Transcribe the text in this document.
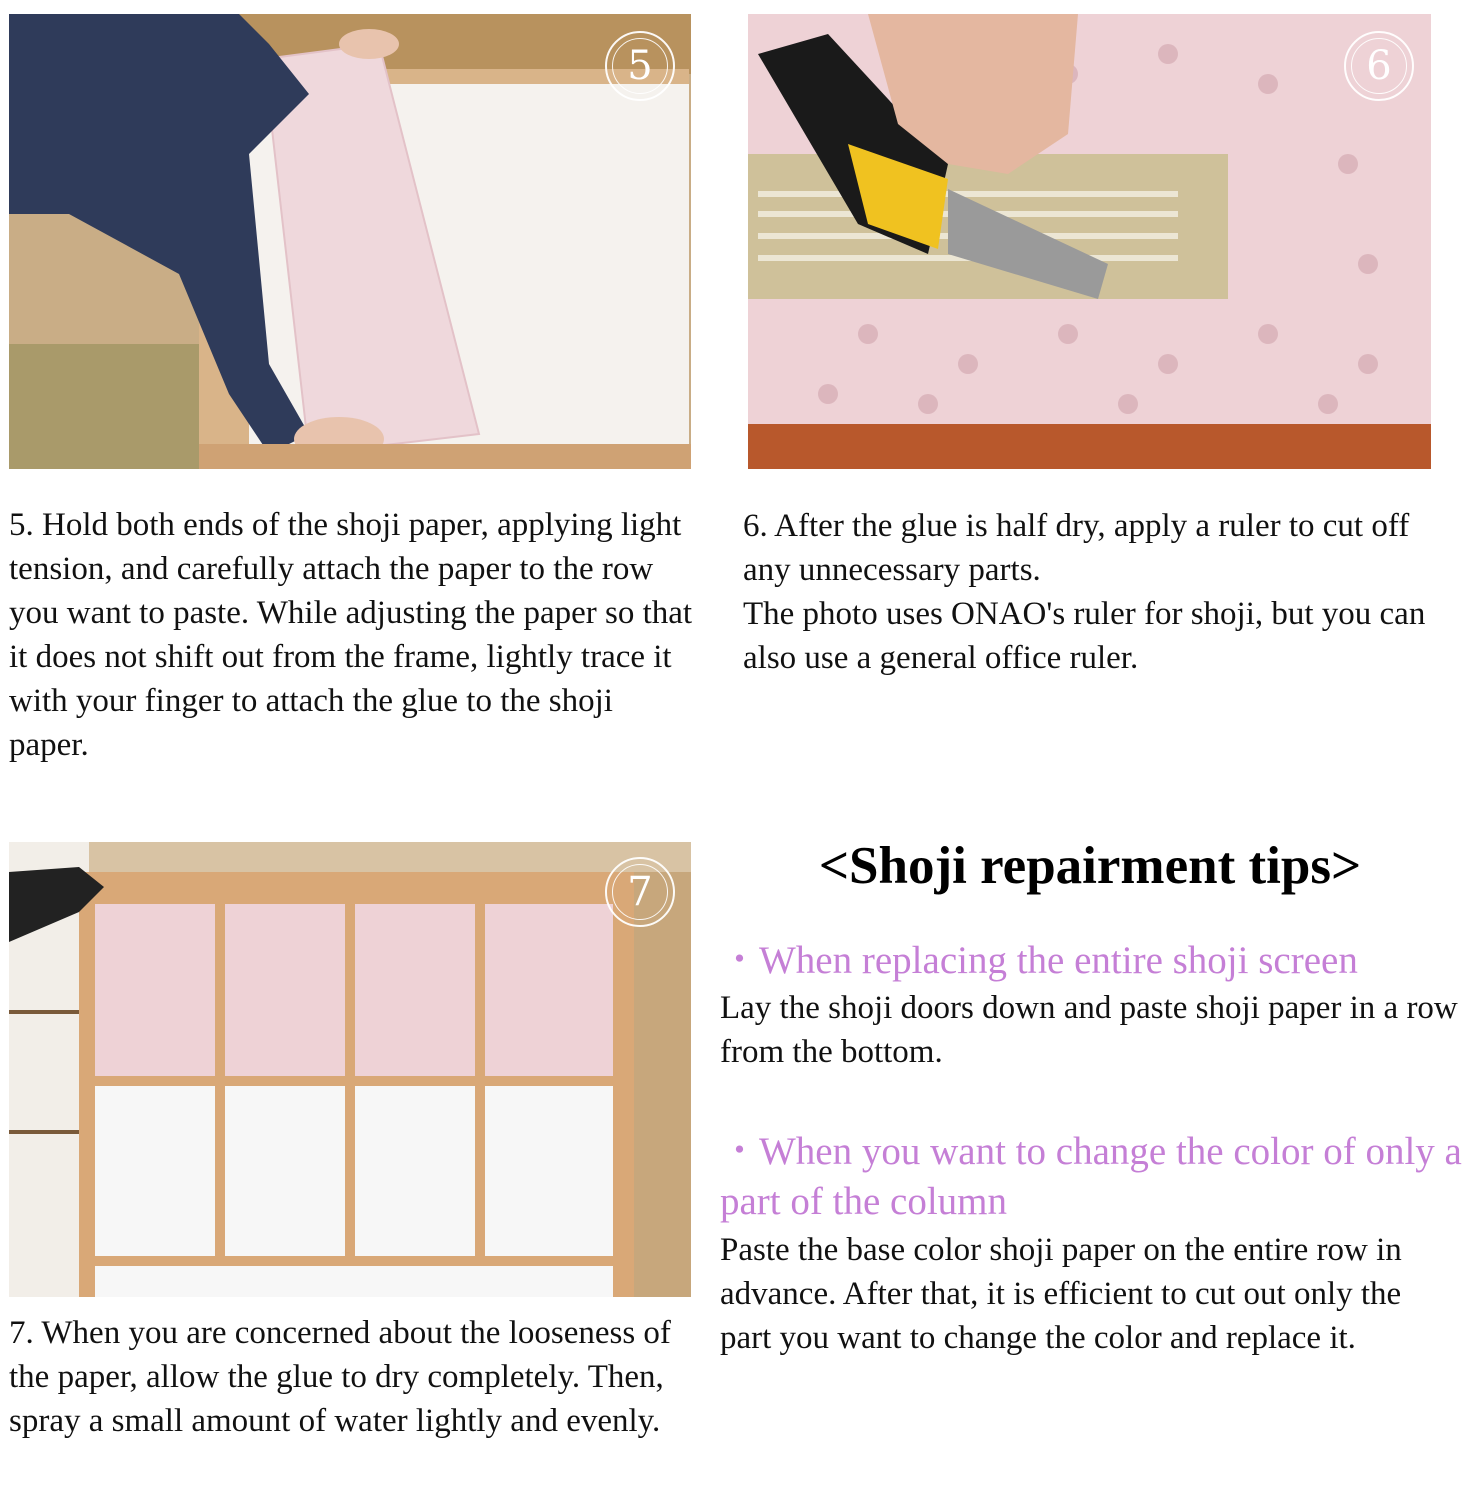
5	6

5. Hold both ends of the shoji paper, applying light tension, and carefully attach the paper to the row you want to paste. While adjusting the paper so that it does not shift out from the frame, lightly trace it with your finger to attach the glue to the shoji paper.

6. After the glue is half dry, apply a ruler to cut off any unnecessary parts.

The photo uses ONAO's ruler for shoji, but you can also use a general office ruler.

7

7. When you are concerned about the looseness of the paper, allow the glue to dry completely. Then, spray a small amount of water lightly and evenly.

<Shoji repairment tips>

・When replacing the entire shoji screen

Lay the shoji doors down and paste shoji paper in a row from the bottom.

・When you want to change the color of only a part of the column

Paste the base color shoji paper on the entire row in advance. After that, it is efficient to cut out only the part you want to change the color and replace it.
